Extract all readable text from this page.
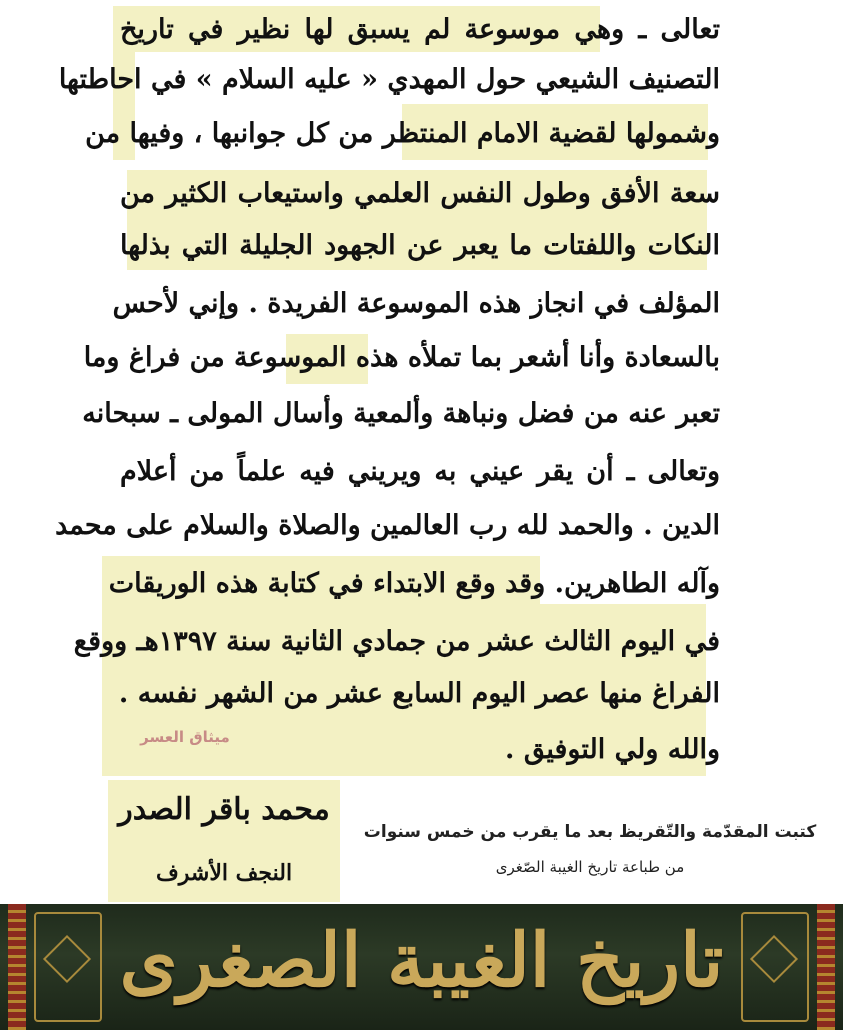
تعالى ـ وهي موسوعة لم يسبق لها نظير في تاريخ
التصنيف الشيعي حول المهدي « عليه السلام » في احاطتها
وشمولها لقضية الامام المنتظر من كل جوانبها ، وفيها من
سعة الأفق وطول النفس العلمي واستيعاب الكثير من
النكات واللفتات ما يعبر عن الجهود الجليلة التي بذلها
المؤلف في انجاز هذه الموسوعة الفريدة . وإني لأحس
بالسعادة وأنا أشعر بما تملأه هذه الموسوعة من فراغ وما
تعبر عنه من فضل ونباهة وألمعية وأسال المولى ـ سبحانه
وتعالى ـ أن يقر عيني به ويريني فيه علماً من أعلام
الدين . والحمد لله رب العالمين والصلاة والسلام على محمد
وآله الطاهرين. وقد وقع الابتداء في كتابة هذه الوريقات
في اليوم الثالث عشر من جمادي الثانية سنة ١٣٩٧هـ ووقع
الفراغ منها عصر اليوم السابع عشر من الشهر نفسه .
والله ولي التوفيق .
ميثاق العسر
محمد باقر الصدر
النجف الأشرف
كتبت المقدّمة والتّقريظ بعد ما يقرب من خمس سنوات
من طباعة تاريخ الغيبة الصّغرى
تاريخ الغيبة الصغرى
